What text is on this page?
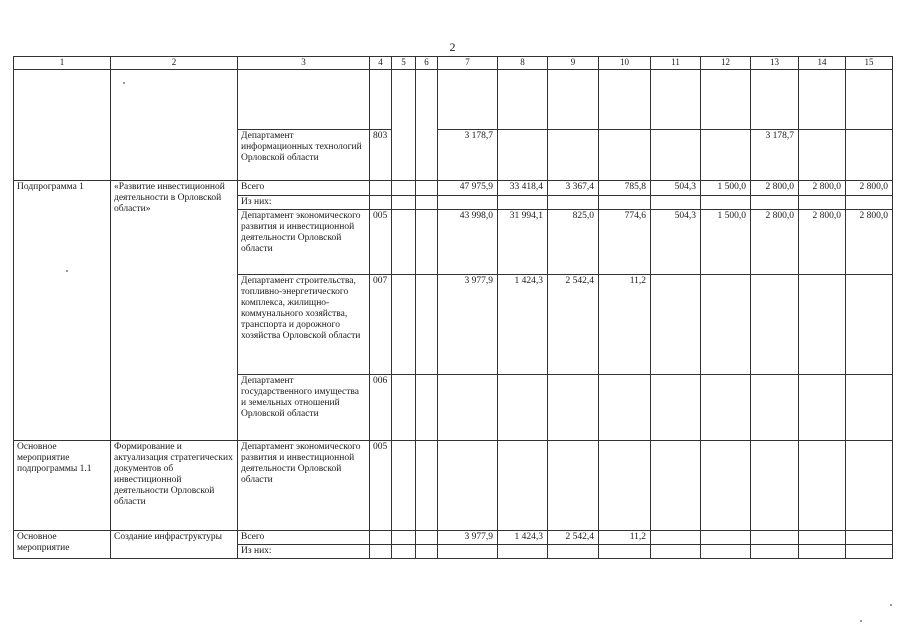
2
1	2	3	4	5	6	7	8	9	10	11	12	13	14	15

		Департамент информационных технологий Орловской области	803			3 178,7						3 178,7		
Подпрограмма 1	«Развитие инвестиционной деятельности в Орловской области»	Всего				47 975,9	33 418,4	3 367,4	785,8	504,3	1 500,0	2 800,0	2 800,0	2 800,0
		Из них:												
		Департамент экономического развития и инвестиционной деятельности Орловской области	005			43 998,0	31 994,1	825,0	774,6	504,3	1 500,0	2 800,0	2 800,0	2 800,0
		Департамент строительства, топливно-энергетического комплекса, жилищно-коммунального хозяйства, транспорта и дорожного хозяйства Орловской области	007			3 977,9	1 424,3	2 542,4	11,2					
		Департамент государственного имущества и земельных отношений Орловской области	006											
Основное мероприятие подпрограммы 1.1	Формирование и актуализация стратегических документов об инвестиционной деятельности Орловской области	Департамент экономического развития и инвестиционной деятельности Орловской области	005											
Основное мероприятие	Создание инфраструктуры	Всего				3 977,9	1 424,3	2 542,4	11,2					
		Из них:												
